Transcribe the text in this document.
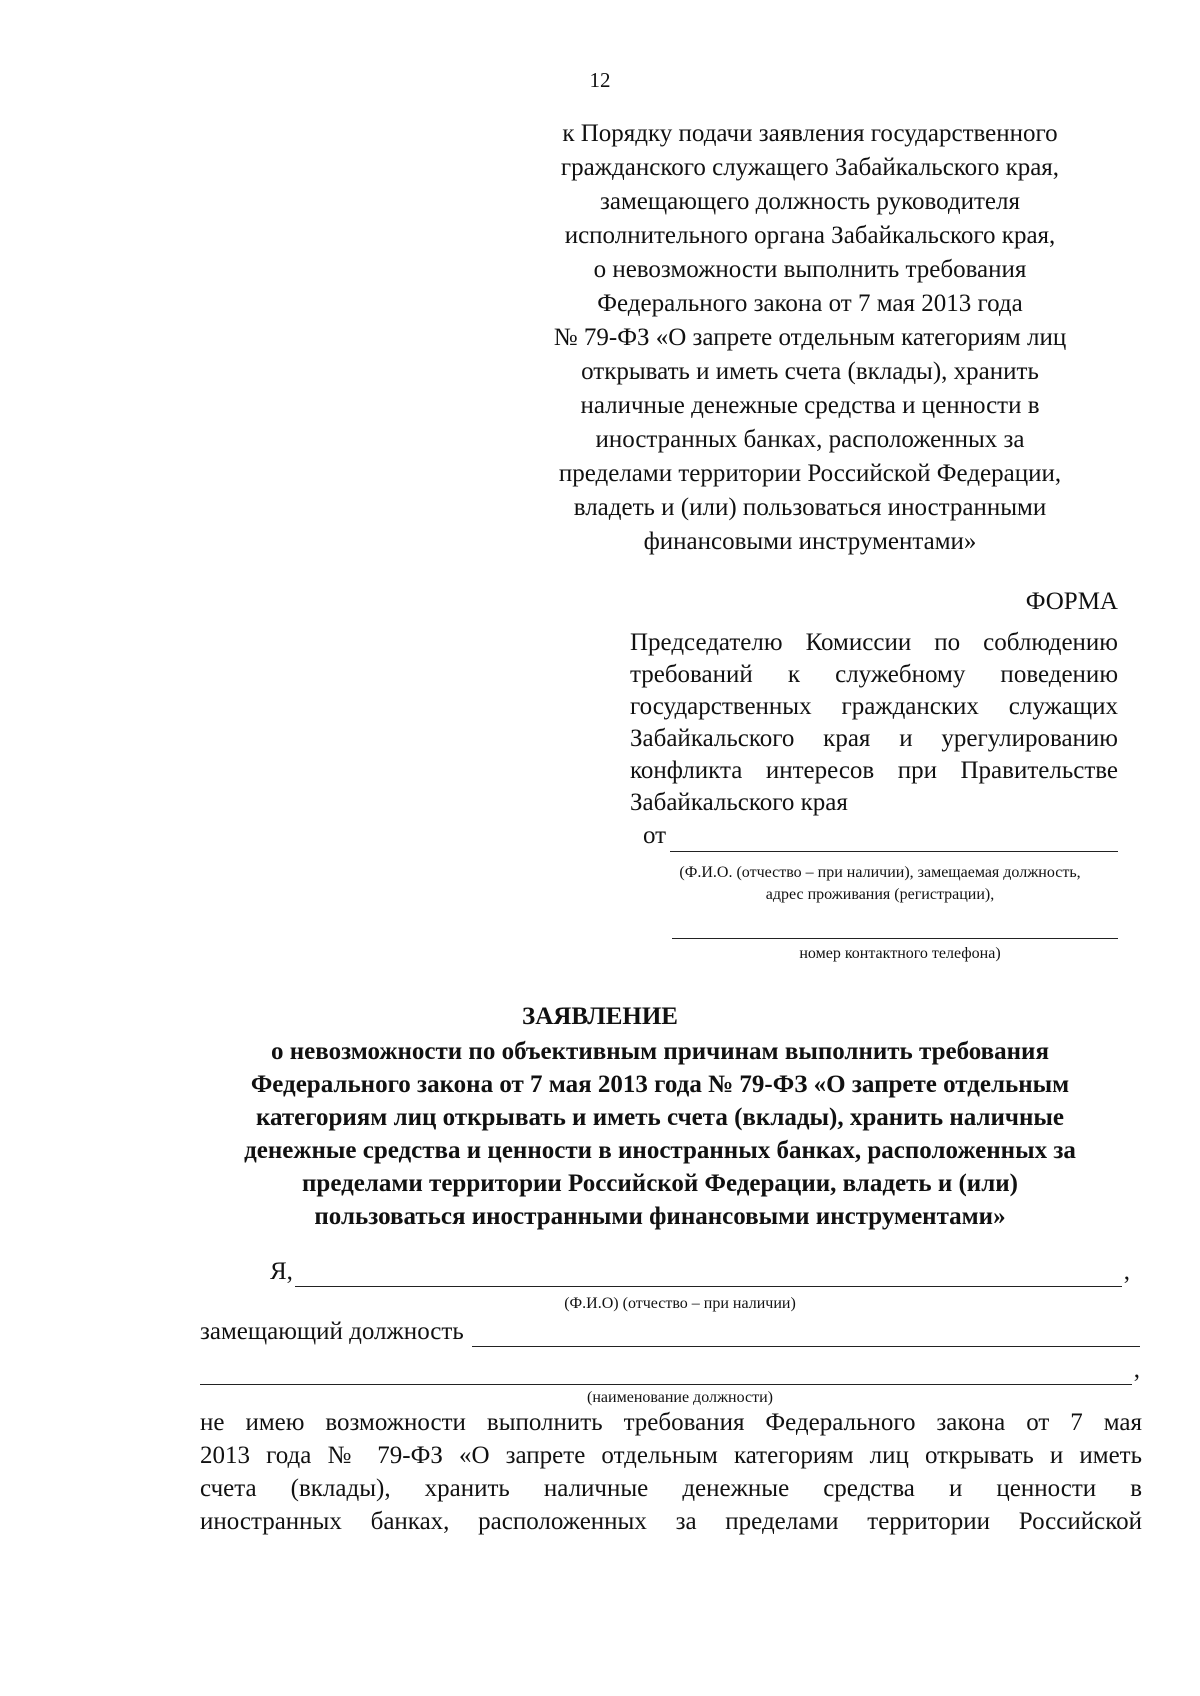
12
к Порядку подачи заявления государственного
гражданского служащего Забайкальского края,
замещающего должность руководителя
исполнительного органа Забайкальского края,
о невозможности выполнить требования
Федерального закона от 7 мая 2013 года
№ 79-ФЗ «О запрете отдельным категориям лиц
открывать и иметь счета (вклады), хранить
наличные денежные средства и ценности в
иностранных банках, расположенных за
пределами территории Российской Федерации,
владеть и (или) пользоваться иностранными
финансовыми инструментами»
ФОРМА
Председателю Комиссии по соблюдению
требований к служебному поведению
государственных гражданских служащих
Забайкальского края и урегулированию
конфликта интересов при Правительстве
Забайкальского края
от
(Ф.И.О. (отчество – при наличии), замещаемая должность,
адрес проживания (регистрации),
номер контактного телефона)
ЗАЯВЛЕНИЕ
о невозможности по объективным причинам выполнить требования
Федерального закона от 7 мая 2013 года № 79-ФЗ «О запрете отдельным
категориям лиц открывать и иметь счета (вклады), хранить наличные
денежные средства и ценности в иностранных банках, расположенных за
пределами территории Российской Федерации, владеть и (или)
пользоваться иностранными финансовыми инструментами»
Я,	,
(Ф.И.О) (отчество – при наличии)
замещающий должность
,
(наименование должности)
не имею возможности выполнить требования Федерального закона от 7 мая
2013 года № 79-ФЗ «О запрете отдельным категориям лиц открывать и иметь
счета (вклады), хранить наличные денежные средства и ценности в
иностранных банках, расположенных за пределами территории Российской
